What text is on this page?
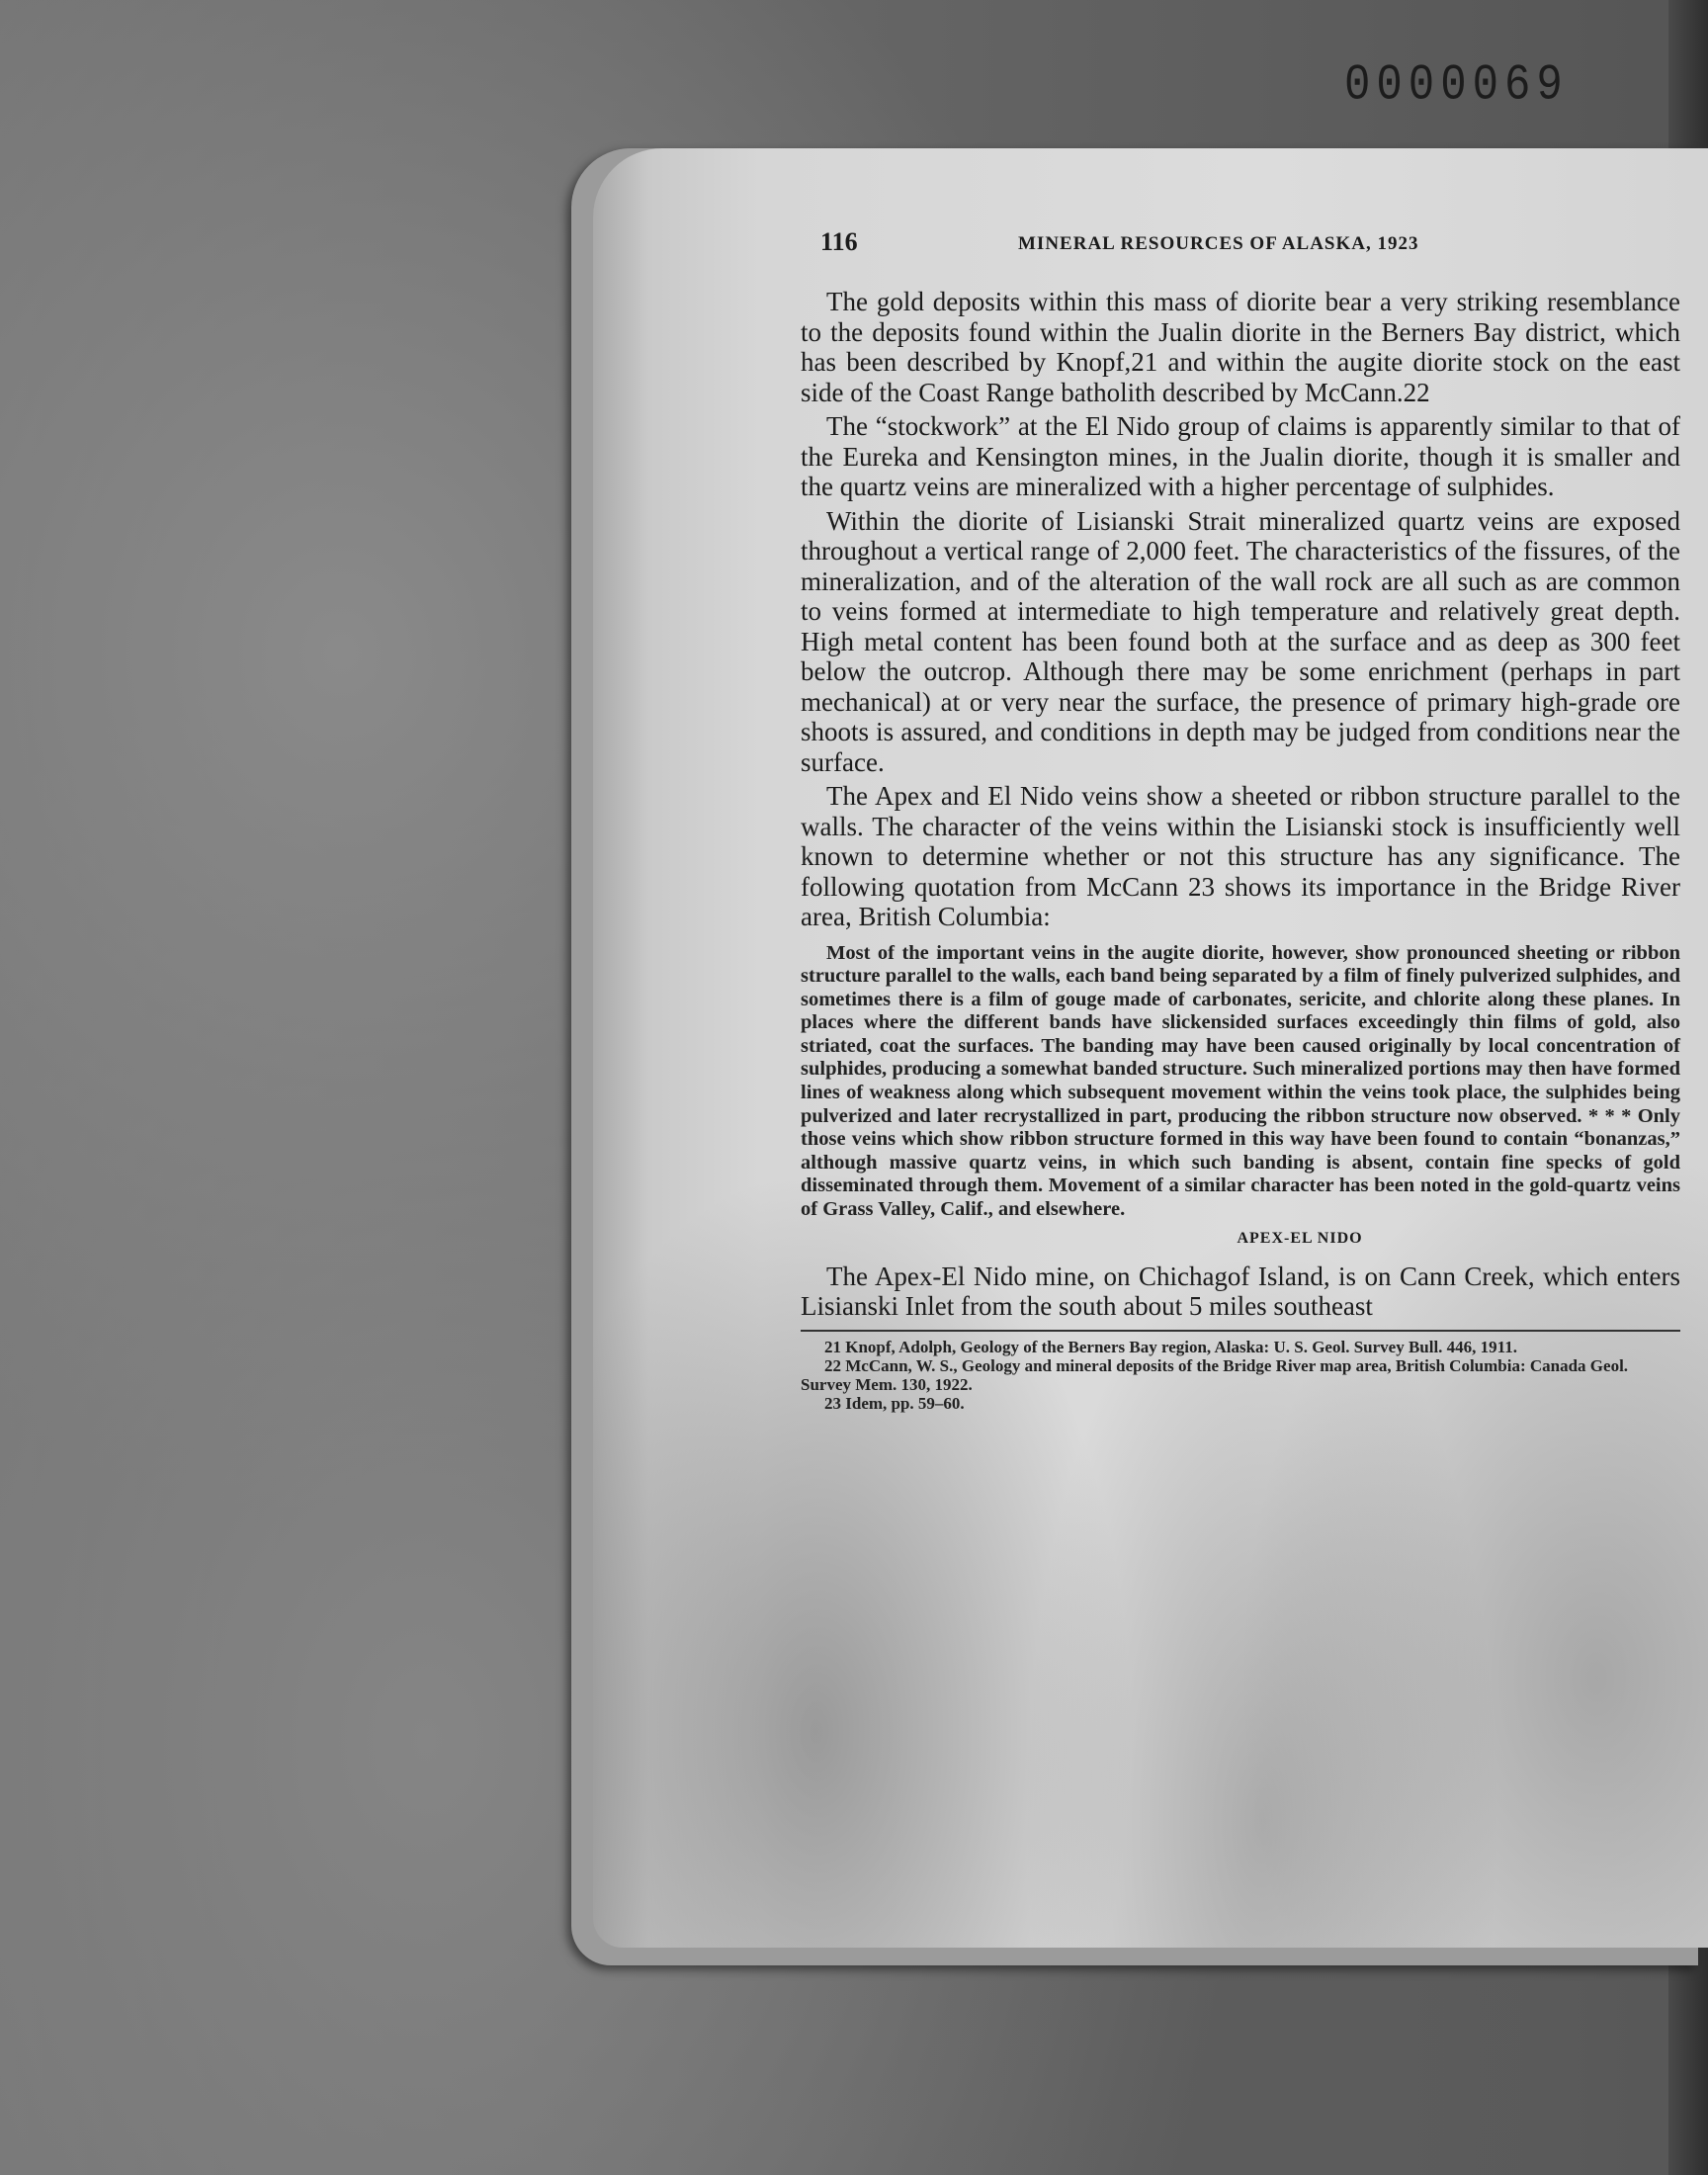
0000069
116	MINERAL RESOURCES OF ALASKA, 1923

The gold deposits within this mass of diorite bear a very striking resemblance to the deposits found within the Jualin diorite in the Berners Bay district, which has been described by Knopf,21 and within the augite diorite stock on the east side of the Coast Range batholith described by McCann.22

The “stockwork” at the El Nido group of claims is apparently similar to that of the Eureka and Kensington mines, in the Jualin diorite, though it is smaller and the quartz veins are mineralized with a higher percentage of sulphides.

Within the diorite of Lisianski Strait mineralized quartz veins are exposed throughout a vertical range of 2,000 feet. The characteristics of the fissures, of the mineralization, and of the alteration of the wall rock are all such as are common to veins formed at intermediate to high temperature and relatively great depth. High metal content has been found both at the surface and as deep as 300 feet below the outcrop. Although there may be some enrichment (perhaps in part mechanical) at or very near the surface, the presence of primary high-grade ore shoots is assured, and conditions in depth may be judged from conditions near the surface.

The Apex and El Nido veins show a sheeted or ribbon structure parallel to the walls. The character of the veins within the Lisianski stock is insufficiently well known to determine whether or not this structure has any significance. The following quotation from McCann 23 shows its importance in the Bridge River area, British Columbia:

Most of the important veins in the augite diorite, however, show pronounced sheeting or ribbon structure parallel to the walls, each band being separated by a film of finely pulverized sulphides, and sometimes there is a film of gouge made of carbonates, sericite, and chlorite along these planes. In places where the different bands have slickensided surfaces exceedingly thin films of gold, also striated, coat the surfaces. The banding may have been caused originally by local concentration of sulphides, producing a somewhat banded structure. Such mineralized portions may then have formed lines of weakness along which subsequent movement within the veins took place, the sulphides being pulverized and later recrystallized in part, producing the ribbon structure now observed. * * * Only those veins which show ribbon structure formed in this way have been found to contain “bonanzas,” although massive quartz veins, in which such banding is absent, contain fine specks of gold disseminated through them. Movement of a similar character has been noted in the gold-quartz veins of Grass Valley, Calif., and elsewhere.

APEX-EL NIDO

The Apex-El Nido mine, on Chichagof Island, is on Cann Creek, which enters Lisianski Inlet from the south about 5 miles southeast

21 Knopf, Adolph, Geology of the Berners Bay region, Alaska: U. S. Geol. Survey Bull. 446, 1911.

22 McCann, W. S., Geology and mineral deposits of the Bridge River map area, British Columbia: Canada Geol. Survey Mem. 130, 1922.

23 Idem, pp. 59–60.
